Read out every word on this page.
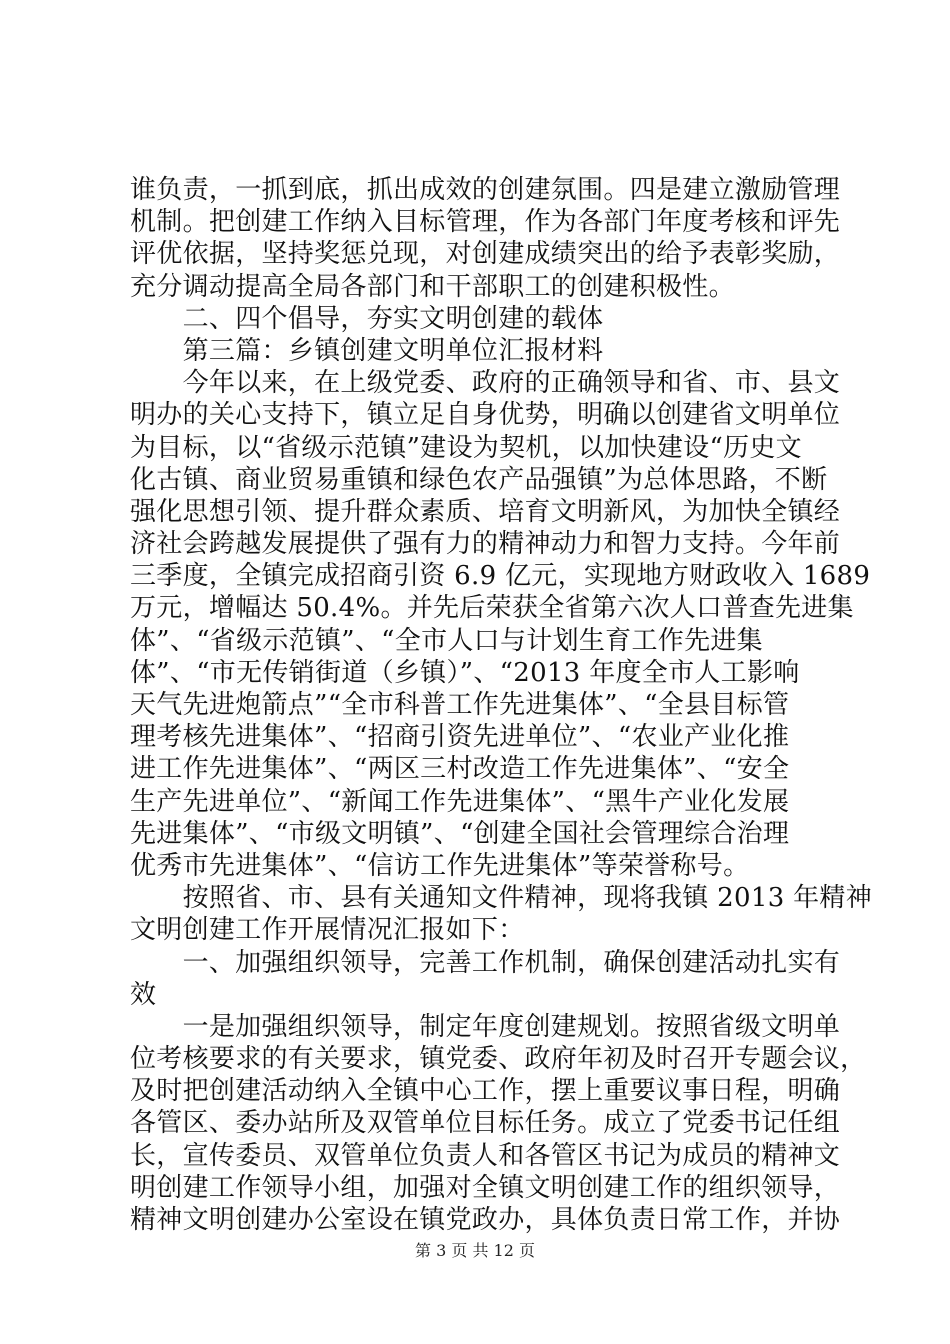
谁负责，一抓到底，抓出成效的创建氛围。四是建立激励管理
机制。把创建工作纳入目标管理，作为各部门年度考核和评先
评优依据，坚持奖惩兑现，对创建成绩突出的给予表彰奖励，
充分调动提高全局各部门和干部职工的创建积极性。
　　二、四个倡导，夯实文明创建的载体
　　第三篇：乡镇创建文明单位汇报材料
　　今年以来，在上级党委、政府的正确领导和省、市、县文
明办的关心支持下，镇立足自身优势，明确以创建省文明单位
为目标，以“省级示范镇”建设为契机，以加快建设“历史文
化古镇、商业贸易重镇和绿色农产品强镇”为总体思路，不断
强化思想引领、提升群众素质、培育文明新风，为加快全镇经
济社会跨越发展提供了强有力的精神动力和智力支持。今年前
三季度，全镇完成招商引资 6.9 亿元，实现地方财政收入 1689
万元，增幅达 50.4%。并先后荣获全省第六次人口普查先进集
体”、“省级示范镇”、“全市人口与计划生育工作先进集
体”、“市无传销街道（乡镇）”、“2013 年度全市人工影响
天气先进炮箭点”“全市科普工作先进集体”、“全县目标管
理考核先进集体”、“招商引资先进单位”、“农业产业化推
进工作先进集体”、“两区三村改造工作先进集体”、“安全
生产先进单位”、“新闻工作先进集体”、“黑牛产业化发展
先进集体”、“市级文明镇”、“创建全国社会管理综合治理
优秀市先进集体”、“信访工作先进集体”等荣誉称号。
　　按照省、市、县有关通知文件精神，现将我镇 2013 年精神
文明创建工作开展情况汇报如下：
　　一、加强组织领导，完善工作机制，确保创建活动扎实有
效
　　一是加强组织领导，制定年度创建规划。按照省级文明单
位考核要求的有关要求，镇党委、政府年初及时召开专题会议，
及时把创建活动纳入全镇中心工作，摆上重要议事日程，明确
各管区、委办站所及双管单位目标任务。成立了党委书记任组
长，宣传委员、双管单位负责人和各管区书记为成员的精神文
明创建工作领导小组，加强对全镇文明创建工作的组织领导，
精神文明创建办公室设在镇党政办，具体负责日常工作，并协
第 3 页 共 12 页
